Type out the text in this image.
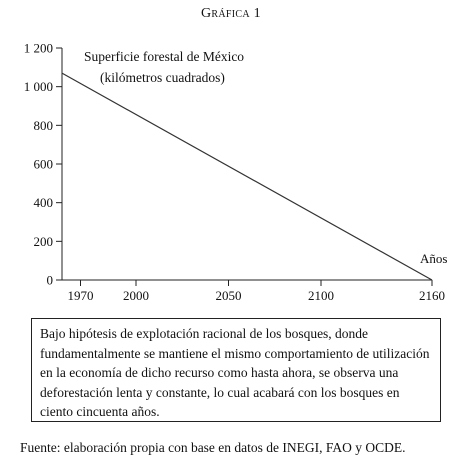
Gráfica 1
0
200
400
600
800
1 000
1 200
1970 2000	2050	2100	2160
Superficie forestal de México
(kilómetros cuadrados)
Años
Bajo hipótesis de explotación racional de los bosques, donde fundamentalmente se mantiene el mismo comportamiento de utilización en la economía de dicho recurso como hasta ahora, se observa una deforestación lenta y constante, lo cual acabará con los bosques en ciento cincuenta años.
Fuente: elaboración propia con base en datos de INEGI, FAO y OCDE.
